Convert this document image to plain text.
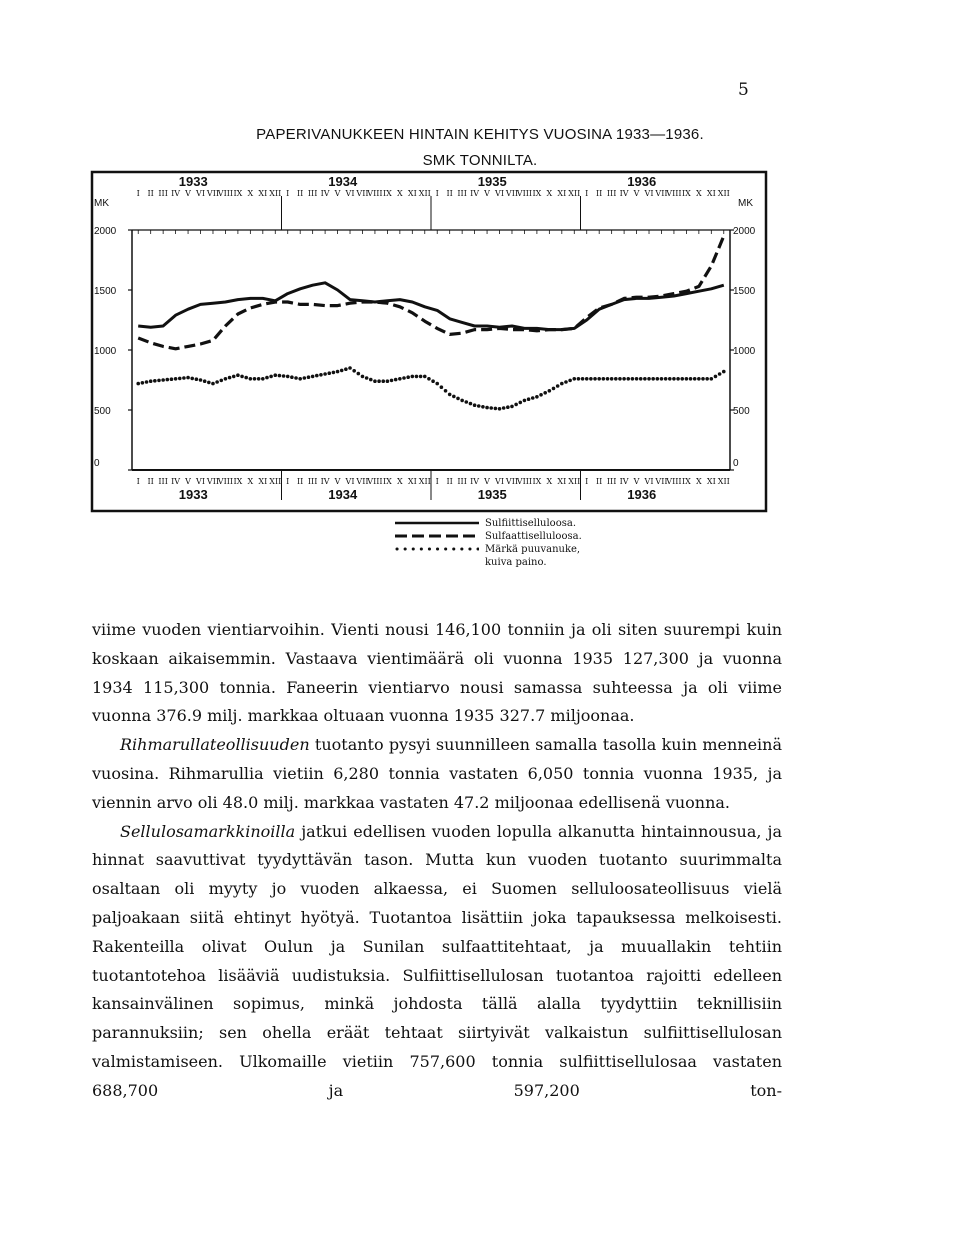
5
PAPERIVANUKKEEN HINTAIN KEHITYS VUOSINA 1933—1936.
SMK TONNILTA.
0	0
500	500
1000	1000
1500	1500
2000	2000
MK	MK
1933
1933
I
I
II
II
III
III
IV
IV
V
V
VI
VI
VII
VII
VIII
VIII
IX
IX
X
X
XI
XI
XII
XII
1934
1934
I
I
II
II
III
III
IV
IV
V
V
VI
VI
VII
VII
VIII
VIII
IX
IX
X
X
XI
XI
XII
XII
1935
1935
I
I
II
II
III
III
IV
IV
V
V
VI
VI
VII
VII
VIII
VIII
IX
IX
X
X
XI
XI
XII
XII
1936
1936
I
I
II
II
III
III
IV
IV
V
V
VI
VI
VII
VII
VIII
VIII
IX
IX
X
X
XI
XI
XII
XII
Sulfiittiselluloosa.
Sulfaattiselluloosa.
Märkä puuvanuke,
kuiva paino.

viime vuoden vientiarvoihin. Vienti nousi 146,100 tonniin ja oli siten suurempi kuin koskaan aikaisemmin. Vastaava vientimäärä oli vuonna 1935 127,300 ja vuonna 1934 115,300 tonnia. Faneerin vientiarvo nousi samassa suhteessa ja oli viime vuonna 376.9 milj. markkaa oltuaan vuonna 1935 327.7 miljoonaa.

Rihmarullateollisuuden tuotanto pysyi suunnilleen samalla tasolla kuin menneinä vuosina. Rihmarullia vietiin 6,280 tonnia vastaten 6,050 tonnia vuonna 1935, ja viennin arvo oli 48.0 milj. markkaa vastaten 47.2 miljoonaa edellisenä vuonna.

Sellulosamarkkinoilla jatkui edellisen vuoden lopulla alkanutta hintainnousua, ja hinnat saavuttivat tyydyttävän tason. Mutta kun vuoden tuotanto suurimmalta osaltaan oli myyty jo vuoden alkaessa, ei Suomen selluloosateollisuus vielä paljoakaan siitä ehtinyt hyötyä. Tuotantoa lisättiin joka tapauksessa melkoisesti. Rakenteilla olivat Oulun ja Sunilan sulfaattitehtaat, ja muuallakin tehtiin tuotantotehoa lisääviä uudistuksia. Sulfiittisellulosan tuotantoa rajoitti edelleen kansainvälinen sopimus, minkä johdosta tällä alalla tyydyttiin teknillisiin parannuksiin; sen ohella eräät tehtaat siirtyivät valkaistun sulfiittisellulosan valmistamiseen. Ulkomaille vietiin 757,600 tonnia sulfiittisellulosaa vastaten 688,700 ja 597,200 ton-
